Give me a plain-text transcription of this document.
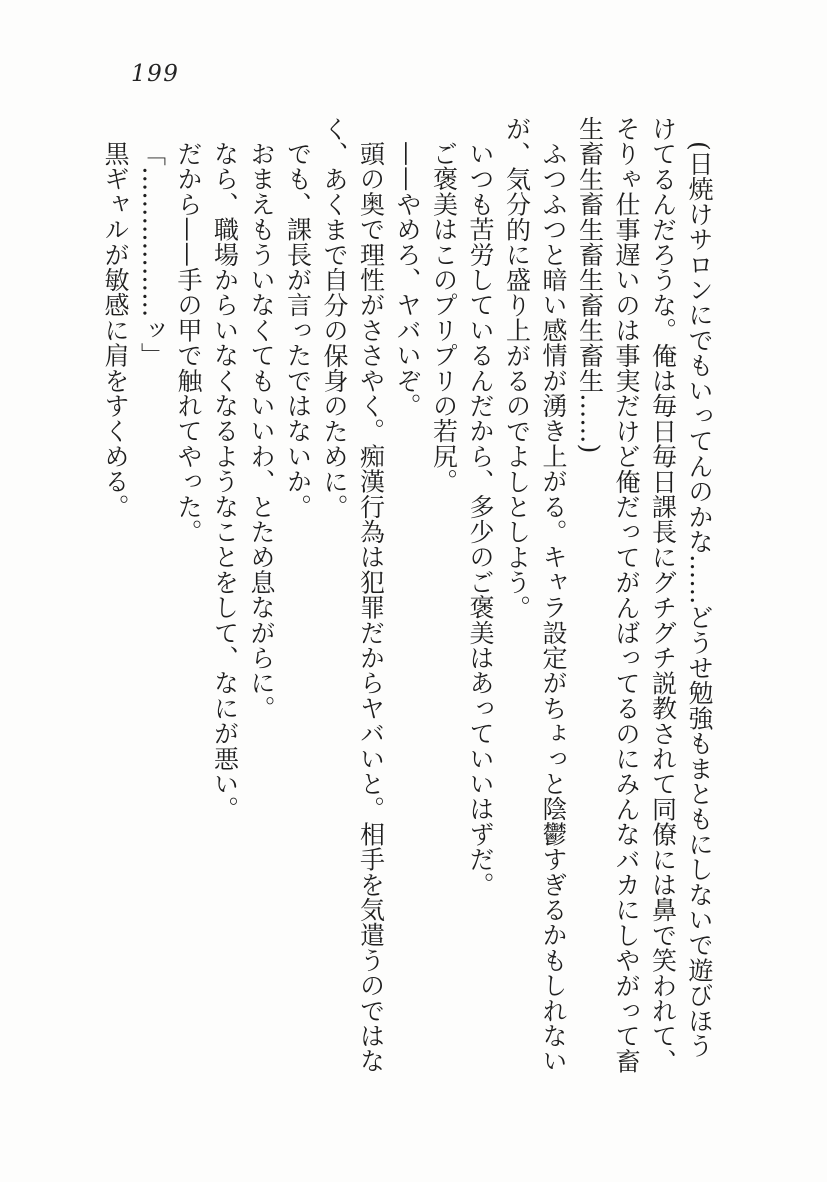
199

(日焼けサロンにでもいってんのかな……どうせ勉強もまともにしないで遊びほうけてるんだろうな。俺は毎日毎日課長にグチグチ説教されて同僚には鼻で笑われて、そりゃ仕事遅いのは事実だけど俺だってがんばってるのにみんなバカにしやがって畜生畜生畜生畜生畜生畜生……)

ふつふつと暗い感情が湧き上がる。キャラ設定がちょっと陰鬱すぎるかもしれないが、気分的に盛り上がるのでよしとしよう。

いつも苦労しているんだから、多少のご褒美はあっていいはずだ。

ご褒美はこのプリプリの若尻。

——やめろ、ヤバいぞ。

頭の奥で理性がささやく。痴漢行為は犯罪だからヤバいと。相手を気遣うのではなく、あくまで自分の保身のために。

でも、課長が言ったではないか。

おまえもういなくてもいいわ、とため息ながらに。

なら、職場からいなくなるようなことをして、なにが悪い。

だから——手の甲で触れてやった。

「………………ッ」

黒ギャルが敏感に肩をすくめる。
